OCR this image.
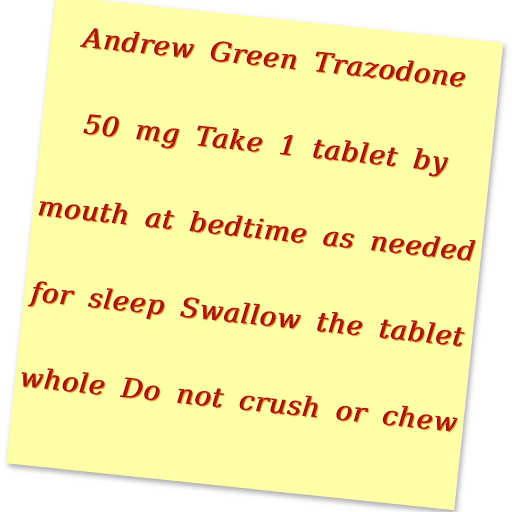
Andrew Green Trazodone
50 mg Take 1 tablet by
mouth at bedtime as needed
for sleep Swallow the tablet
whole Do not crush or chew
